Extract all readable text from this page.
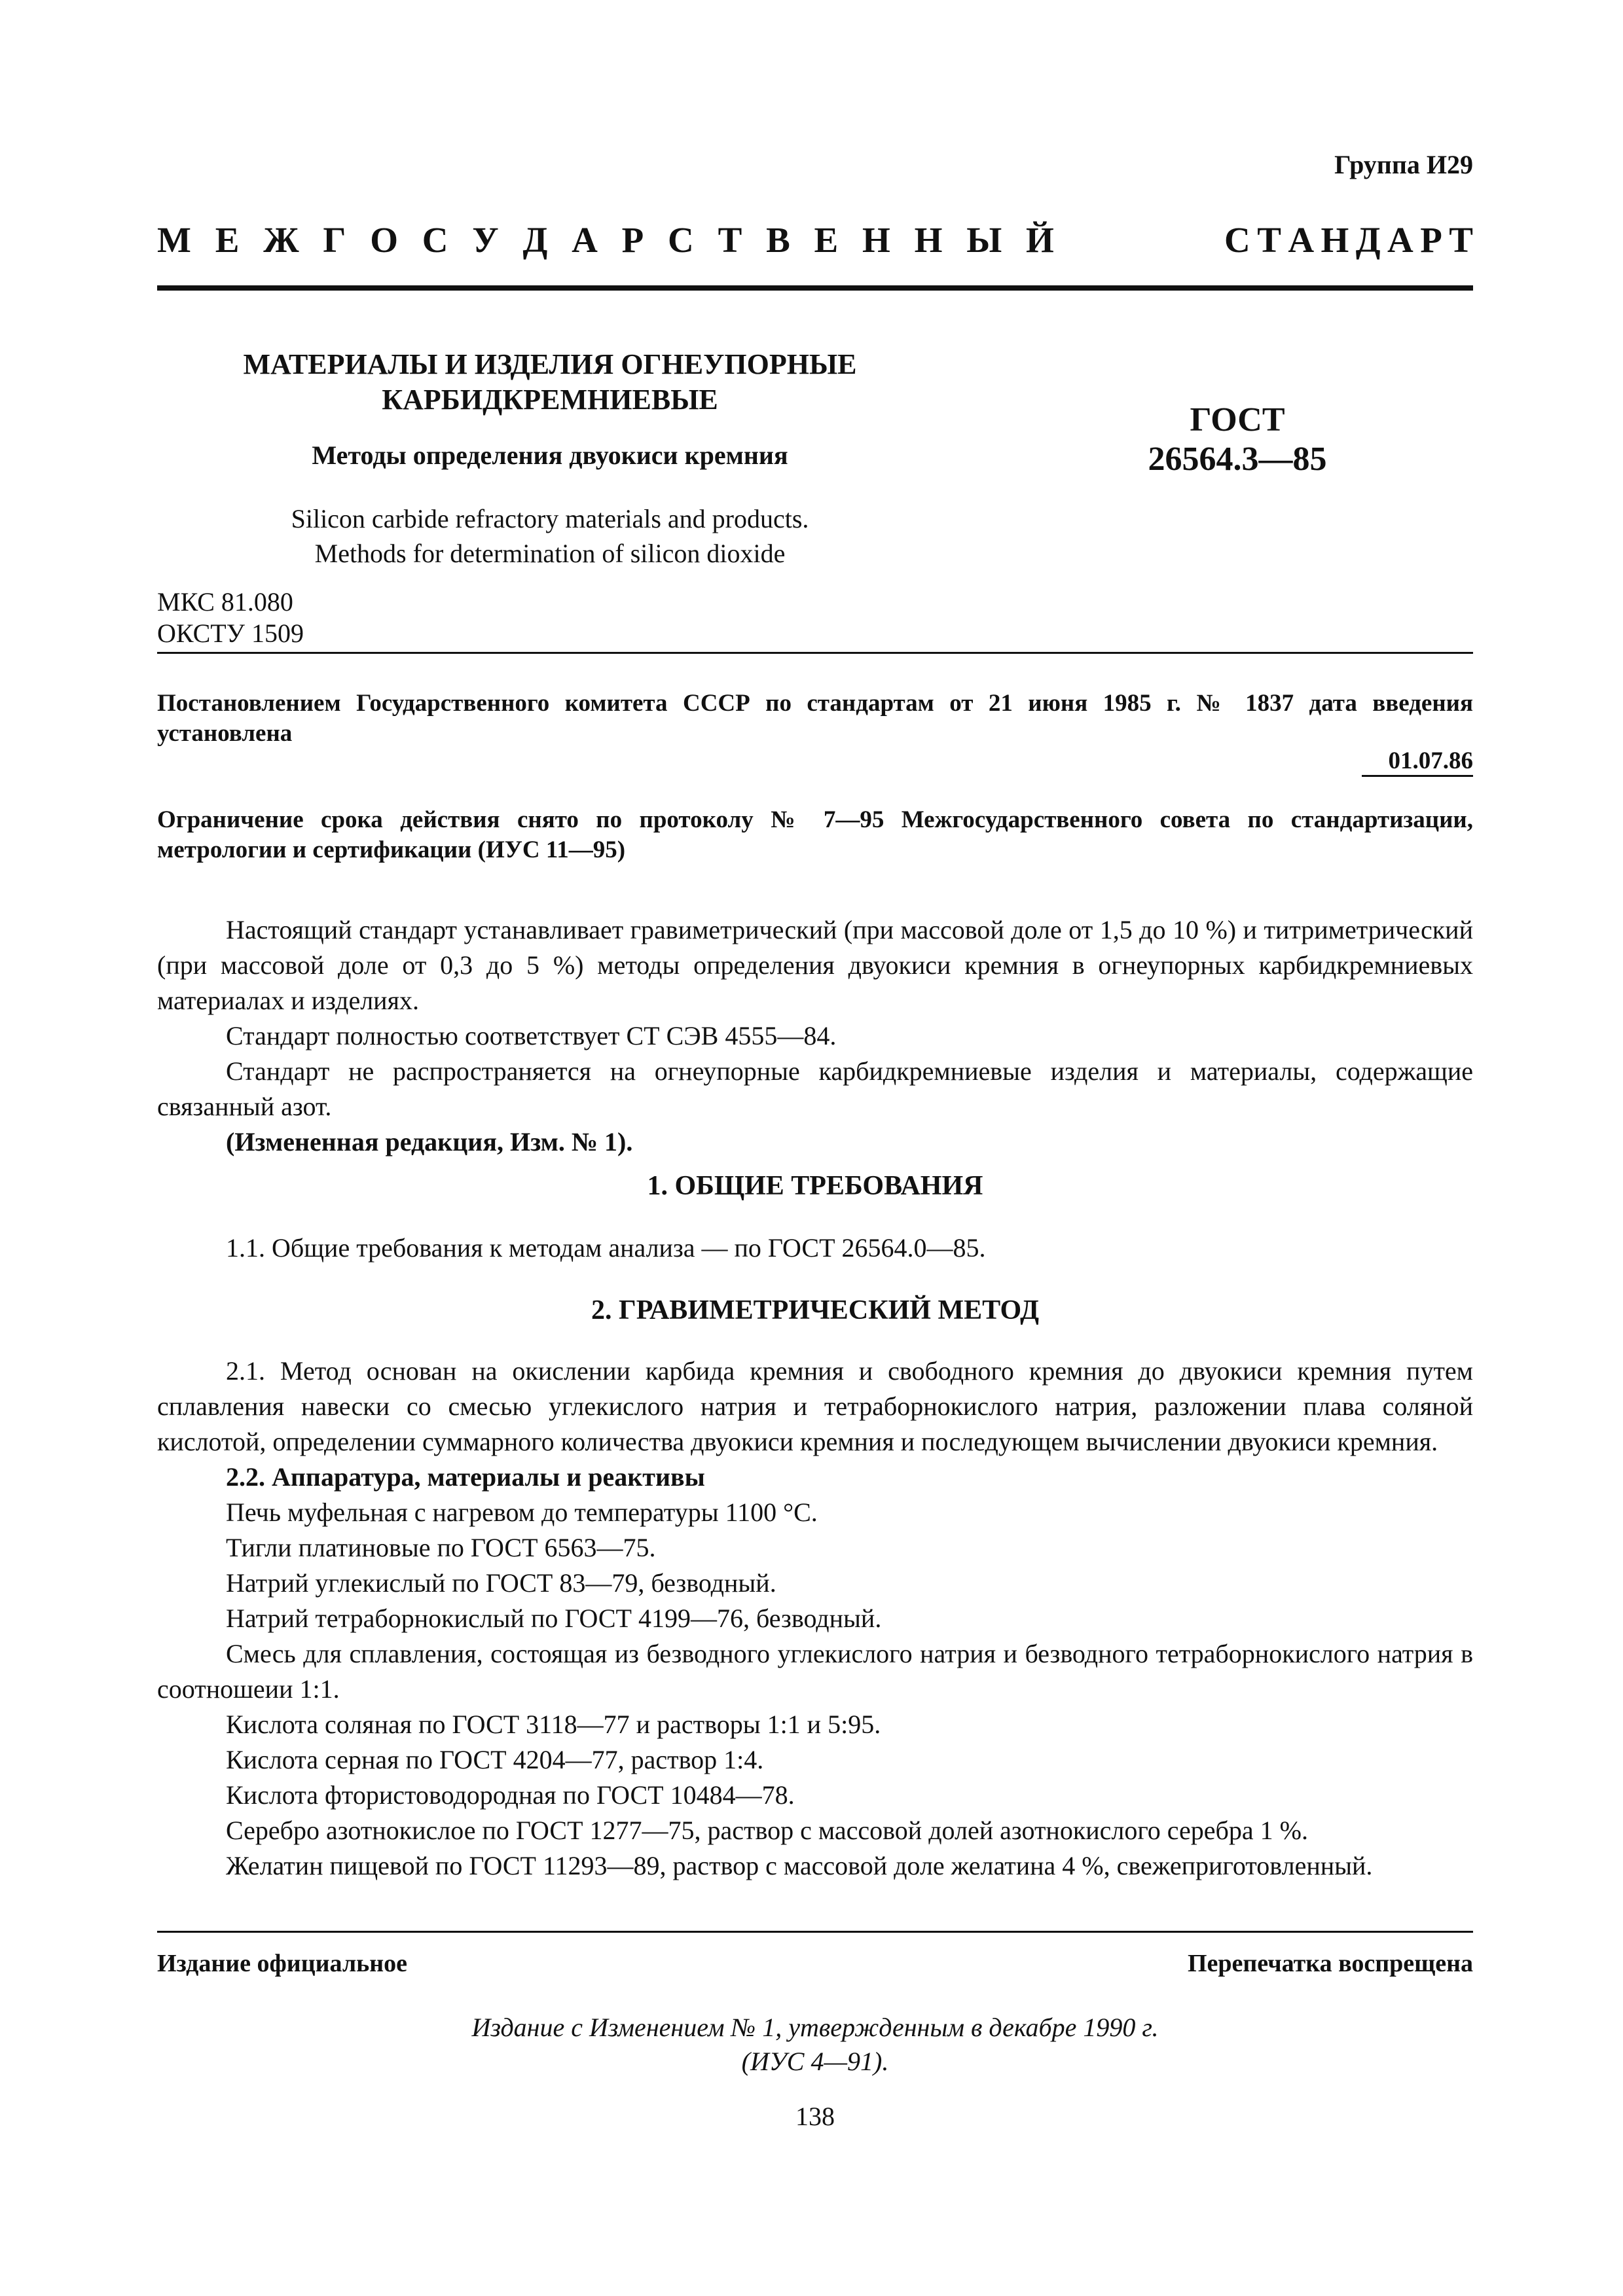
Группа И29
М Е Ж Г О С У Д А Р С Т В Е Н Н Ы Й	С Т А Н Д А Р Т
МАТЕРИАЛЫ И ИЗДЕЛИЯ ОГНЕУПОРНЫЕ
КАРБИДКРЕМНИЕВЫЕ
Методы определения двуокиси кремния
Silicon carbide refractory materials and products.
Methods for determination of silicon dioxide
ГОСТ
26564.3—85
МКС 81.080
ОКСТУ 1509
Постановлением Государственного комитета СССР по стандартам от 21 июня 1985 г. № 1837 дата введения установлена
01.07.86
Ограничение срока действия снято по протоколу № 7—95 Межгосударственного совета по стандартизации, метрологии и сертификации (ИУС 11—95)

Настоящий стандарт устанавливает гравиметрический (при массовой доле от 1,5 до 10 %) и титриметрический (при массовой доле от 0,3 до 5 %) методы определения двуокиси кремния в огнеупорных карбидкремниевых материалах и изделиях.

Стандарт полностью соответствует СТ СЭВ 4555—84.

Стандарт не распространяется на огнеупорные карбидкремниевые изделия и материалы, содержащие связанный азот.

(Измененная редакция, Изм. № 1).

1. ОБЩИЕ ТРЕБОВАНИЯ

1.1. Общие требования к методам анализа — по ГОСТ 26564.0—85.

2. ГРАВИМЕТРИЧЕСКИЙ МЕТОД

2.1. Метод основан на окислении карбида кремния и свободного кремния до двуокиси кремния путем сплавления навески со смесью углекислого натрия и тетраборнокислого натрия, разложении плава соляной кислотой, определении суммарного количества двуокиси кремния и последующем вычислении двуокиси кремния.

2.2. Аппаратура, материалы и реактивы

Печь муфельная с нагревом до температуры 1100 °C.

Тигли платиновые по ГОСТ 6563—75.

Натрий углекислый по ГОСТ 83—79, безводный.

Натрий тетраборнокислый по ГОСТ 4199—76, безводный.

Смесь для сплавления, состоящая из безводного углекислого натрия и безводного тетраборнокислого натрия в соотношеии 1:1.

Кислота соляная по ГОСТ 3118—77 и растворы 1:1 и 5:95.

Кислота серная по ГОСТ 4204—77, раствор 1:4.

Кислота фтористоводородная по ГОСТ 10484—78.

Серебро азотнокислое по ГОСТ 1277—75, раствор с массовой долей азотнокислого серебра 1 %.

Желатин пищевой по ГОСТ 11293—89, раствор с массовой доле желатина 4 %, свежеприготовленный.

Издание официальное	Перепечатка воспрещена
Издание с Изменением № 1, утвержденным в декабре 1990 г.
(ИУС 4—91).
138
